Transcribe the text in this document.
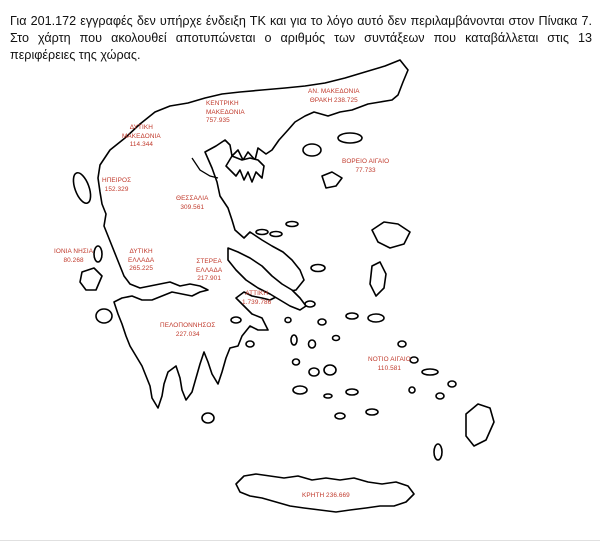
Για 201.172 εγγραφές δεν υπήρχε ένδειξη ΤΚ και για το λόγο αυτό δεν περιλαμβάνονται στον Πίνακα 7. Στο χάρτη που ακολουθεί αποτυπώνεται ο αριθμός των συντάξεων που καταβάλλεται στις 13 περιφέρειες της χώρας.

ΑΝ. ΜΑΚΕΔΟΝΙΑ
ΘΡΑΚΗ 238.725
ΚΕΝΤΡΙΚΗ
ΜΑΚΕΔΟΝΙΑ
757.935
ΔΥΤΙΚΗ
ΜΑΚΕΔΟΝΙΑ
114.344
ΗΠΕΙΡΟΣ
152.329
ΘΕΣΣΑΛΙΑ
309.561
ΒΟΡΕΙΟ ΑΙΓΑΙΟ
77.733
ΙΟΝΙΑ ΝΗΣΙΑ
80.268
ΔΥΤΙΚΗ
ΕΛΛΑΔΑ
265.225
ΣΤΕΡΕΑ
ΕΛΛΑΔΑ
217.901
ΑΤΤΙΚΗ
1.739.786
ΠΕΛΟΠΟΝΝΗΣΟΣ
227.034
ΝΟΤΙΟ ΑΙΓΑΙΟ
110.581
ΚΡΗΤΗ 236.669
